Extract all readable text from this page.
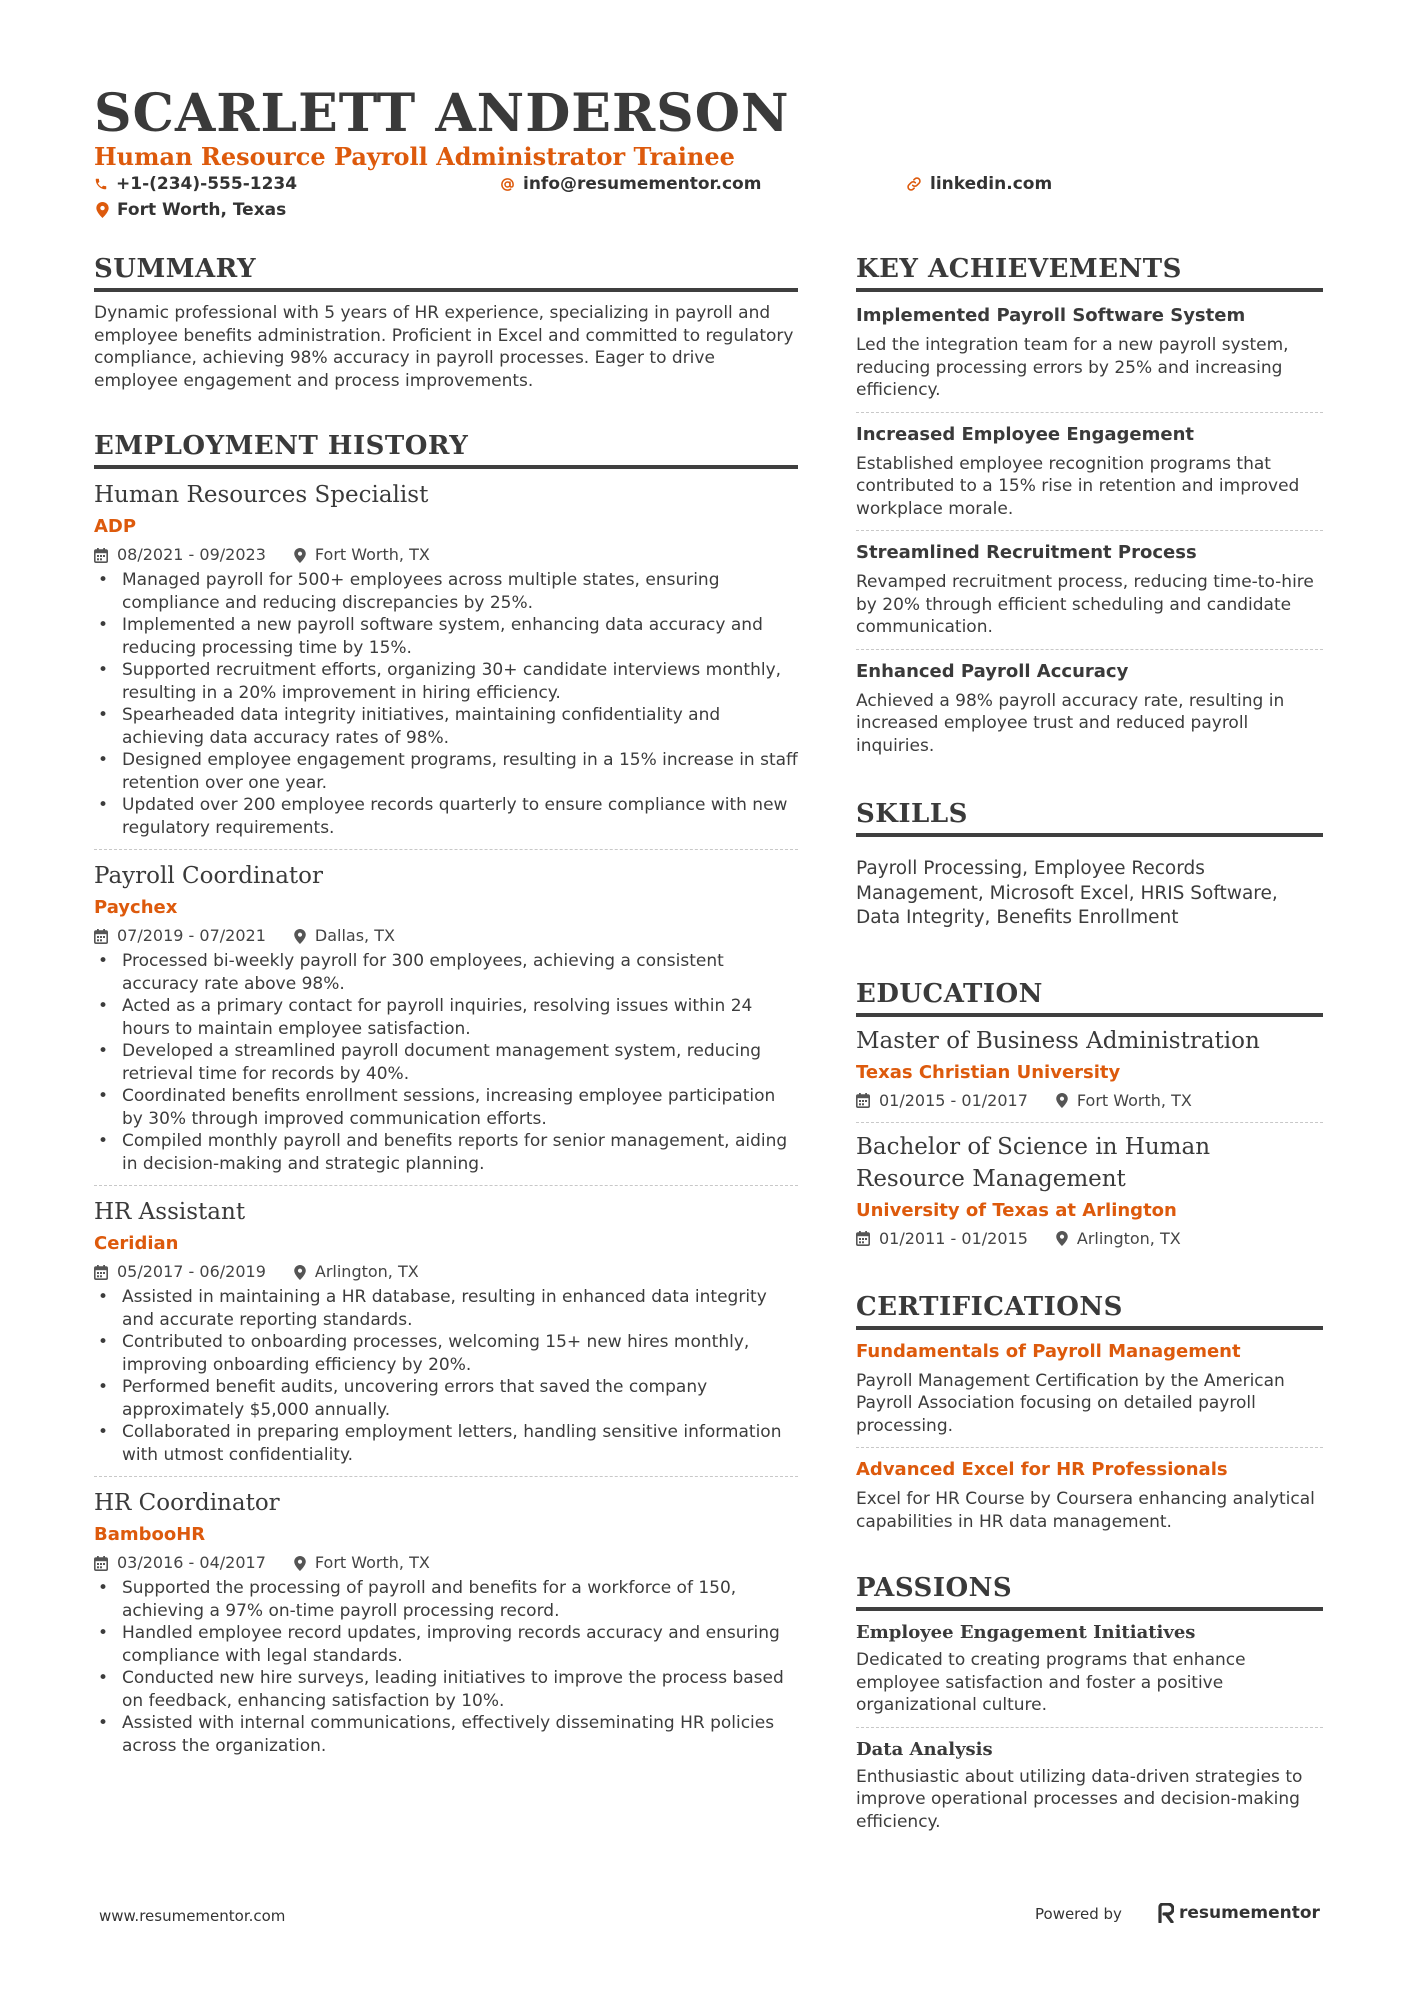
SCARLETT ANDERSON
Human Resource Payroll Administrator Trainee
+1-(234)-555-1234	info@resumementor.com	linkedin.com
Fort Worth, Texas
SUMMARY

Dynamic professional with 5 years of HR experience, specializing in payroll and employee benefits administration. Proficient in Excel and committed to regulatory compliance, achieving 98% accuracy in payroll processes. Eager to drive employee engagement and process improvements.

EMPLOYMENT HISTORY
Human Resources Specialist
ADP
08/2021 - 09/2023	Fort Worth, TX
• Managed payroll for 500+ employees across multiple states, ensuring compliance and reducing discrepancies by 25%.
• Implemented a new payroll software system, enhancing data accuracy and reducing processing time by 15%.
• Supported recruitment efforts, organizing 30+ candidate interviews monthly, resulting in a 20% improvement in hiring efficiency.
• Spearheaded data integrity initiatives, maintaining confidentiality and achieving data accuracy rates of 98%.
• Designed employee engagement programs, resulting in a 15% increase in staff retention over one year.
• Updated over 200 employee records quarterly to ensure compliance with new regulatory requirements.
Payroll Coordinator
Paychex
07/2019 - 07/2021	Dallas, TX
• Processed bi-weekly payroll for 300 employees, achieving a consistent accuracy rate above 98%.
• Acted as a primary contact for payroll inquiries, resolving issues within 24 hours to maintain employee satisfaction.
• Developed a streamlined payroll document management system, reducing retrieval time for records by 40%.
• Coordinated benefits enrollment sessions, increasing employee participation by 30% through improved communication efforts.
• Compiled monthly payroll and benefits reports for senior management, aiding in decision-making and strategic planning.
HR Assistant
Ceridian
05/2017 - 06/2019	Arlington, TX
• Assisted in maintaining a HR database, resulting in enhanced data integrity and accurate reporting standards.
• Contributed to onboarding processes, welcoming 15+ new hires monthly, improving onboarding efficiency by 20%.
• Performed benefit audits, uncovering errors that saved the company approximately $5,000 annually.
• Collaborated in preparing employment letters, handling sensitive information with utmost confidentiality.
HR Coordinator
BambooHR
03/2016 - 04/2017	Fort Worth, TX
• Supported the processing of payroll and benefits for a workforce of 150, achieving a 97% on-time payroll processing record.
• Handled employee record updates, improving records accuracy and ensuring compliance with legal standards.
• Conducted new hire surveys, leading initiatives to improve the process based on feedback, enhancing satisfaction by 10%.
• Assisted with internal communications, effectively disseminating HR policies across the organization.
KEY ACHIEVEMENTS
Implemented Payroll Software System
Led the integration team for a new payroll system, reducing processing errors by 25% and increasing efficiency.
Increased Employee Engagement
Established employee recognition programs that contributed to a 15% rise in retention and improved workplace morale.
Streamlined Recruitment Process
Revamped recruitment process, reducing time-to-hire by 20% through efficient scheduling and candidate communication.
Enhanced Payroll Accuracy
Achieved a 98% payroll accuracy rate, resulting in increased employee trust and reduced payroll inquiries.
SKILLS
Payroll Processing, Employee Records Management, Microsoft Excel, HRIS Software, Data Integrity, Benefits Enrollment
EDUCATION
Master of Business Administration
Texas Christian University
01/2015 - 01/2017	Fort Worth, TX
Bachelor of Science in Human Resource Management
University of Texas at Arlington
01/2011 - 01/2015	Arlington, TX
CERTIFICATIONS
Fundamentals of Payroll Management
Payroll Management Certification by the American Payroll Association focusing on detailed payroll processing.
Advanced Excel for HR Professionals
Excel for HR Course by Coursera enhancing analytical capabilities in HR data management.
PASSIONS
Employee Engagement Initiatives
Dedicated to creating programs that enhance employee satisfaction and foster a positive organizational culture.
Data Analysis
Enthusiastic about utilizing data-driven strategies to improve operational processes and decision-making efficiency.
www.resumementor.com	Powered by	resumementor
